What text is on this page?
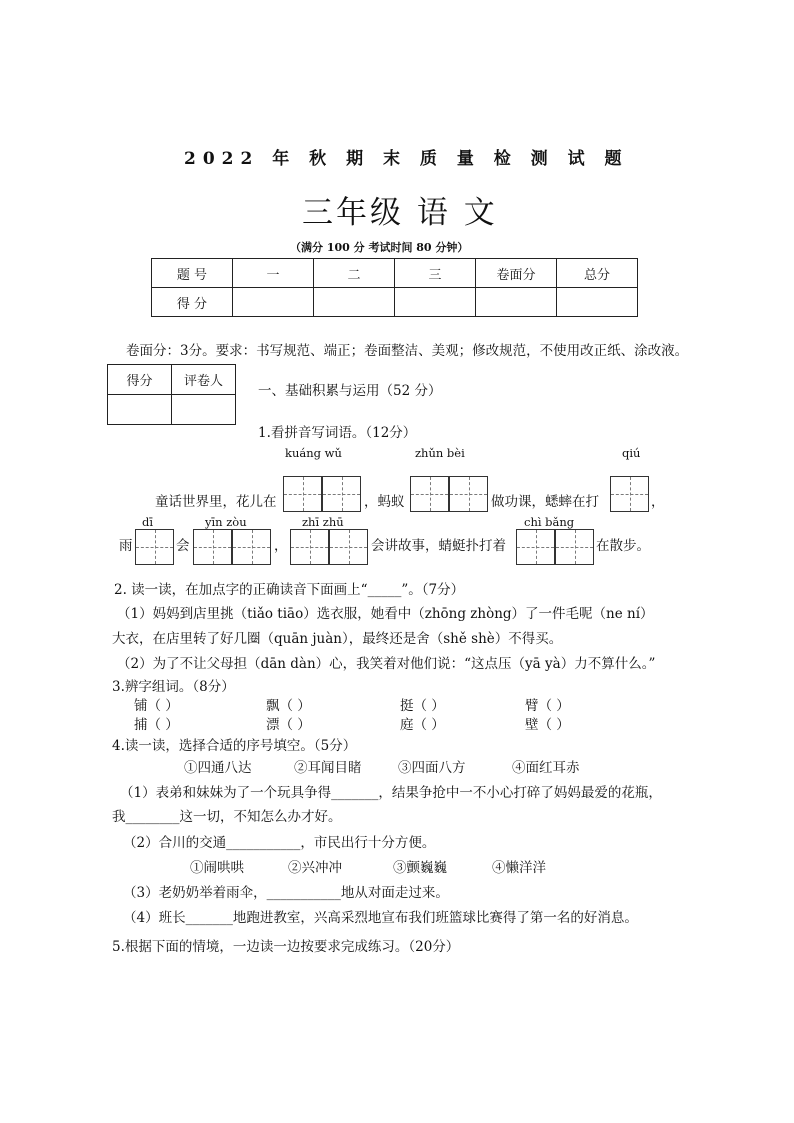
2022 年 秋 期 末 质 量 检 测 试 题
三年级 语 文
（满分 100 分 考试时间 80 分钟）
题 号	一	二	三	卷面分	总分
得 分					
卷面分：3分。要求：书写规范、端正；卷面整洁、美观；修改规范，不使用改正纸、涂改液。
得分	评卷人

一、基础积累与运用（52 分）
1.看拼音写词语。（12分）
kuáng wǔ	zhǔn bèi	qiú
童话世界里，花儿在	，蚂蚁	做功课，蟋蟀在打	，
dī	yīn zòu	zhī zhū	chì bǎng
雨	会	，	会讲故事，蜻蜓扑打着	在散步。
2. 读一读，在加点字的正确读音下面画上“_____”。（7分）
（1）妈妈到店里挑（tiǎo tiāo）选衣服，她看中（zhōng zhòng）了一件毛呢（ne ní）
大衣，在店里转了好几圈（quān juàn），最终还是舍（shě shè）不得买。
（2）为了不让父母担（dān dàn）心，我笑着对他们说：“这点压（yā yà）力不算什么。”
3.辨字组词。（8分）
铺（ ）	飘（ ）	挺（ ）	臂（ ）
捕（ ）	漂（ ）	庭（ ）	壁（ ）
4.读一读，选择合适的序号填空。（5分）
①四通八达	②耳闻目睹	③四面八方	④面红耳赤
（1）表弟和妹妹为了一个玩具争得_______，结果争抢中一不小心打碎了妈妈最爱的花瓶，
我________这一切，不知怎么办才好。
（2）合川的交通___________，市民出行十分方便。
①闹哄哄	②兴冲冲	③颤巍巍	④懒洋洋
（3）老奶奶举着雨伞，___________地从对面走过来。
（4）班长_______地跑进教室，兴高采烈地宣布我们班篮球比赛得了第一名的好消息。
5.根据下面的情境，一边读一边按要求完成练习。（20分）
